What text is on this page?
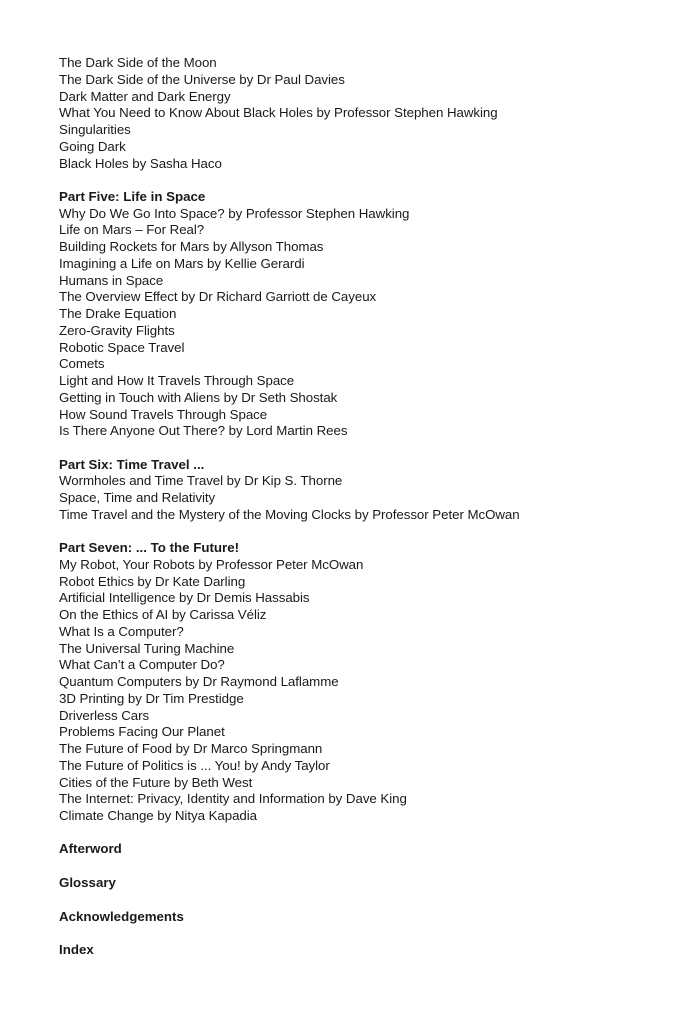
The Dark Side of the Moon
The Dark Side of the Universe by Dr Paul Davies
Dark Matter and Dark Energy
What You Need to Know About Black Holes by Professor Stephen Hawking
Singularities
Going Dark
Black Holes by Sasha Haco
Part Five: Life in Space
Why Do We Go Into Space? by Professor Stephen Hawking
Life on Mars – For Real?
Building Rockets for Mars by Allyson Thomas
Imagining a Life on Mars by Kellie Gerardi
Humans in Space
The Overview Effect by Dr Richard Garriott de Cayeux
The Drake Equation
Zero-Gravity Flights
Robotic Space Travel
Comets
Light and How It Travels Through Space
Getting in Touch with Aliens by Dr Seth Shostak
How Sound Travels Through Space
Is There Anyone Out There? by Lord Martin Rees
Part Six: Time Travel ...
Wormholes and Time Travel by Dr Kip S. Thorne
Space, Time and Relativity
Time Travel and the Mystery of the Moving Clocks by Professor Peter McOwan
Part Seven: ... To the Future!
My Robot, Your Robots by Professor Peter McOwan
Robot Ethics by Dr Kate Darling
Artificial Intelligence by Dr Demis Hassabis
On the Ethics of AI by Carissa Véliz
What Is a Computer?
The Universal Turing Machine
What Can’t a Computer Do?
Quantum Computers by Dr Raymond Laflamme
3D Printing by Dr Tim Prestidge
Driverless Cars
Problems Facing Our Planet
The Future of Food by Dr Marco Springmann
The Future of Politics is ... You! by Andy Taylor
Cities of the Future by Beth West
The Internet: Privacy, Identity and Information by Dave King
Climate Change by Nitya Kapadia
Afterword
Glossary
Acknowledgements
Index
